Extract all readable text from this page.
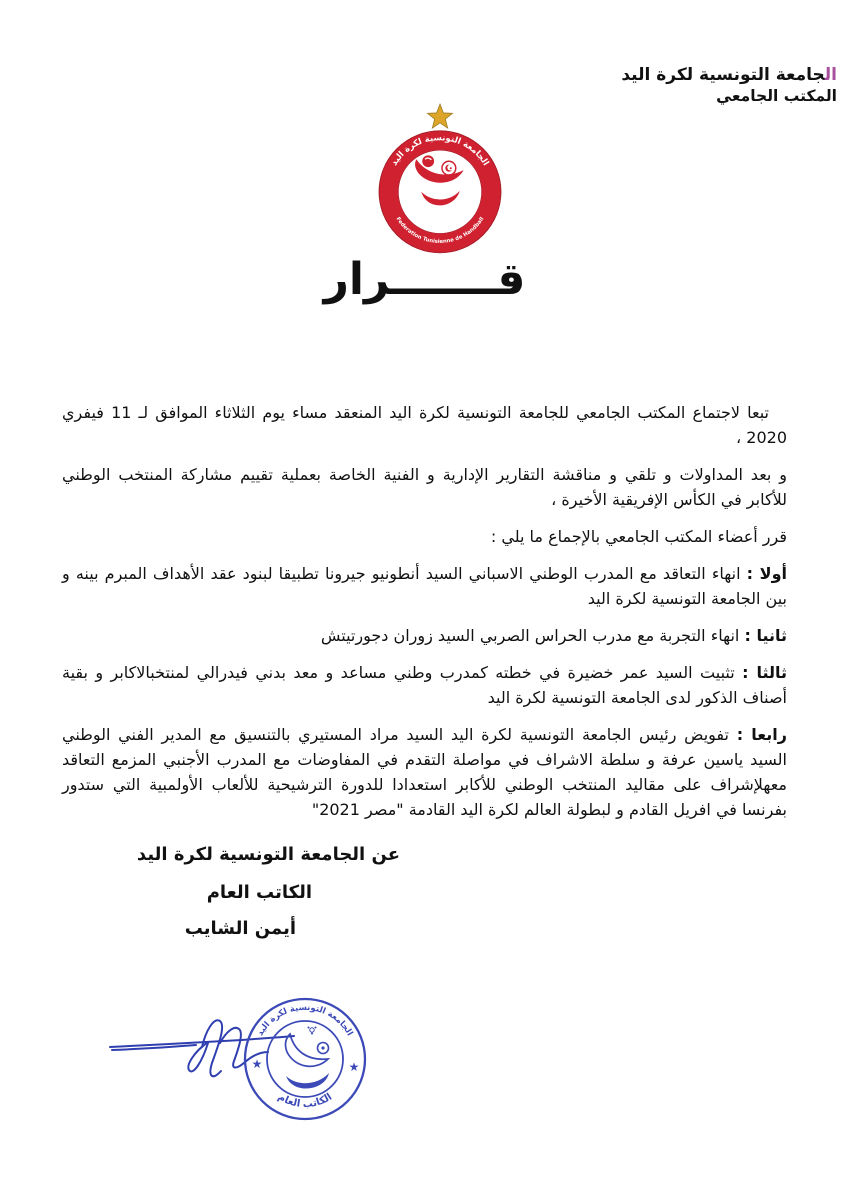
الجامعة التونسية لكرة اليد
المكتب الجامعي
الجامعة التونسية لكرة اليد
Federation Tunisienne de Handball
قـــــــرار

تبعا لاجتماع المكتب الجامعي للجامعة التونسية لكرة اليد المنعقد مساء يوم الثلاثاء الموافق لـ 11 فيفري 2020 ،

و بعد المداولات و تلقي و مناقشة التقارير الإدارية و الفنية الخاصة بعملية تقييم مشاركة المنتخب الوطني للأكابر في الكأس الإفريقية الأخيرة ،

قرر أعضاء المكتب الجامعي بالإجماع ما يلي :

أولا : انهاء التعاقد مع المدرب الوطني الاسباني السيد أنطونيو جيرونا تطبيقا لبنود عقد الأهداف المبرم بينه و بين الجامعة التونسية لكرة اليد

ثانيا : انهاء التجربة مع مدرب الحراس الصربي السيد زوران دجورتيتش

ثالثا : تثبيت السيد عمر خضيرة في خطته كمدرب وطني مساعد و معد بدني فيدرالي لمنتخبالاكابر و بقية أصناف الذكور لدى الجامعة التونسية لكرة اليد

رابعا : تفويض رئيس الجامعة التونسية لكرة اليد السيد مراد المستيري بالتنسيق مع المدير الفني الوطني السيد ياسين عرفة و سلطة الاشراف في مواصلة التقدم في المفاوضات مع المدرب الأجنبي المزمع التعاقد معهلإشراف على مقاليد المنتخب الوطني للأكابر استعدادا للدورة الترشيحية للألعاب الأولمبية التي ستدور بفرنسا في افريل القادم و لبطولة العالم لكرة اليد القادمة "مصر 2021"

عن الجامعة التونسية لكرة اليد
الكاتب العام
أيمن الشايب
الجامعة التونسية لكرة اليد
الكاتب العام
★	★
